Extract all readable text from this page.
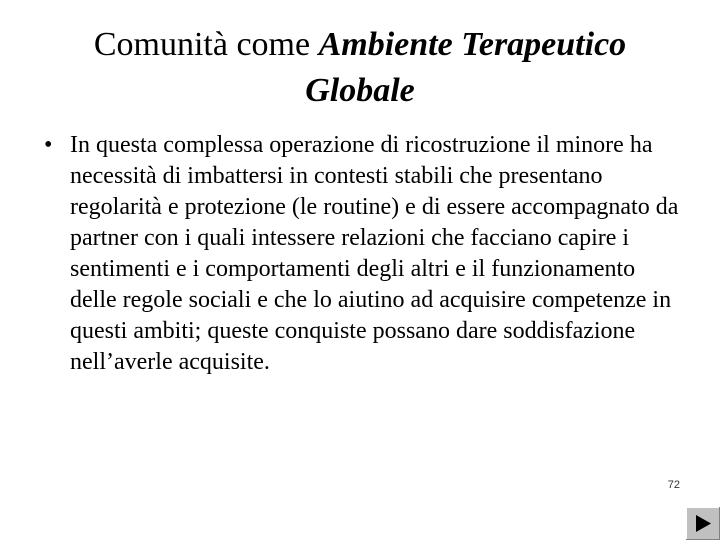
Comunità come Ambiente Terapeutico
Globale
• In questa complessa operazione di ricostruzione il minore ha necessità di imbattersi in contesti stabili che presentano regolarità e protezione (le routine) e di essere accompagnato da partner con i quali intessere relazioni che facciano capire i sentimenti e i comportamenti degli altri e il funzionamento delle regole sociali e che lo aiutino ad acquisire competenze in questi ambiti; queste conquiste possano dare soddisfazione nell’averle acquisite.

72
